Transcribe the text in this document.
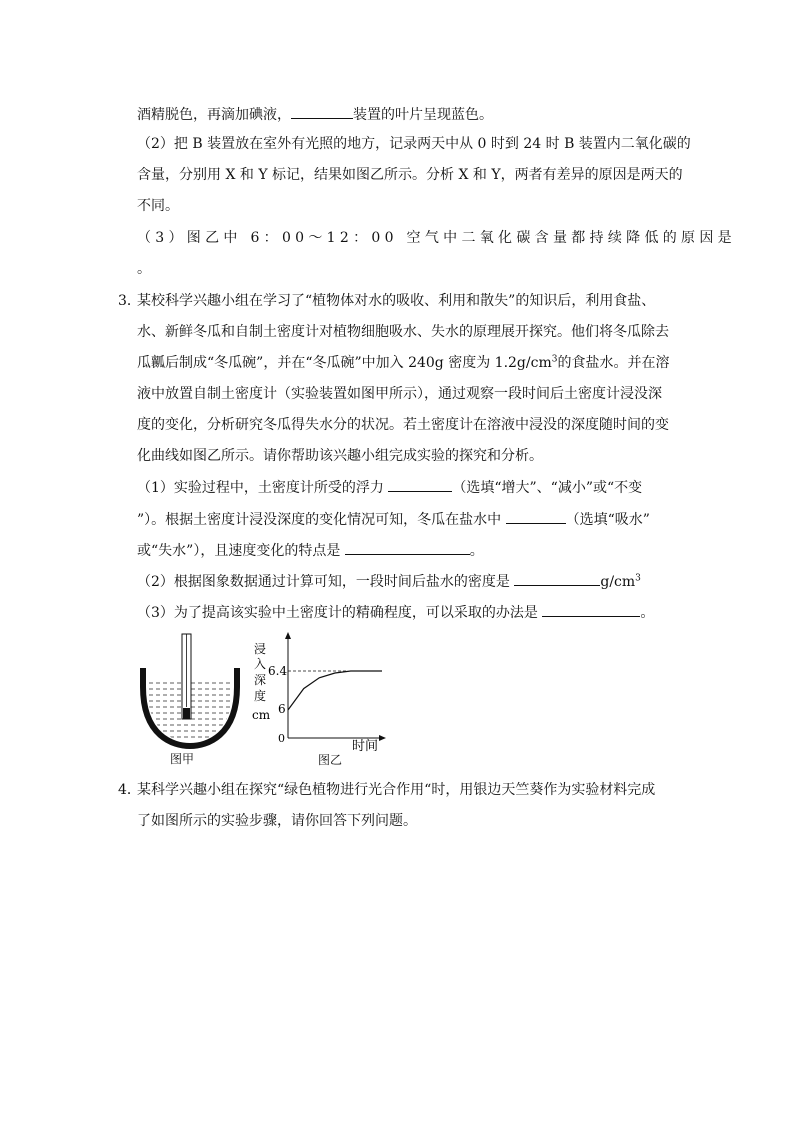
酒精脱色，再滴加碘液，	装置的叶片呈现蓝色。
（2）把 B 装置放在室外有光照的地方，记录两天中从 0 时到 24 时 B 装置内二氧化碳的
含量，分别用 X 和 Y 标记，结果如图乙所示。分析 X 和 Y，两者有差异的原因是两天的
不同。
（3）图乙中 6：00～12：00 空气中二氧化碳含量都持续降低的原因是
。
3．
某校科学兴趣小组在学习了“植物体对水的吸收、利用和散失”的知识后，利用食盐、
水、新鲜冬瓜和自制土密度计对植物细胞吸水、失水的原理展开探究。他们将冬瓜除去
瓜瓤后制成“冬瓜碗”，并在“冬瓜碗”中加入 240g 密度为 $1.2g/cm^3$的食盐水。并在溶
液中放置自制土密度计（实验装置如图甲所示），通过观察一段时间后土密度计浸没深
度的变化，分析研究冬瓜得失水分的状况。若土密度计在溶液中浸没的深度随时间的变
化曲线如图乙所示。请你帮助该兴趣小组完成实验的探究和分析。
（1）实验过程中，土密度计所受的浮力	（选填“增大”、“减小”或“不变
”）。根据土密度计浸没深度的变化情况可知，冬瓜在盐水中	（选填“吸水”
或“失水”），且速度变化的特点是	。
（2）根据图象数据通过计算可知，一段时间后盐水的密度是	$g/cm^3$
（3）为了提高该实验中土密度计的精确程度，可以采取的办法是	。
图甲
浸
入
深
度
cm
6.4
6
0
时间
图乙
4．
某科学兴趣小组在探究“绿色植物进行光合作用“时，用银边天竺葵作为实验材料完成
了如图所示的实验步骤，请你回答下列问题。
